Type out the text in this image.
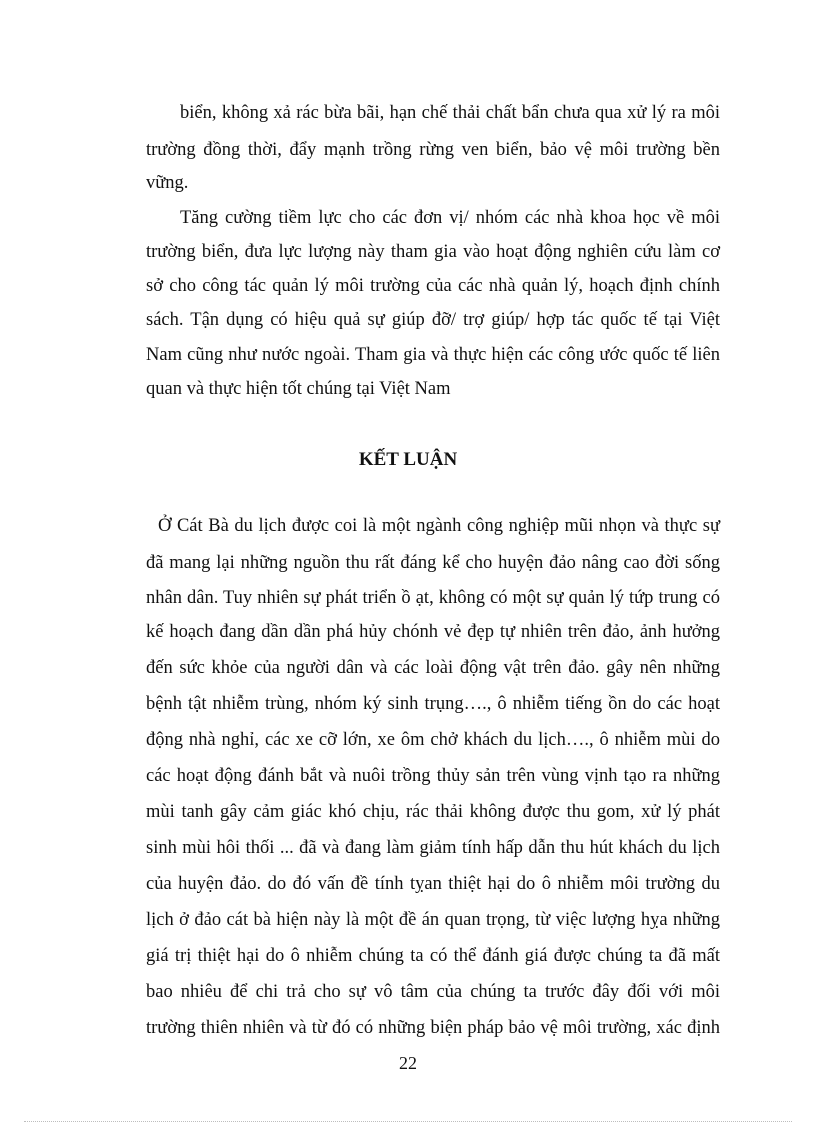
biển, không xả rác bừa bãi, hạn chế thải chất bẩn chưa qua xử lý ra môi
trường đồng thời, đẩy mạnh trồng rừng ven biển, bảo vệ môi trường bền
vững.
Tăng cường tiềm lực cho các đơn vị/ nhóm các nhà khoa học về môi
trường biển, đưa lực lượng này tham gia vào hoạt động nghiên cứu làm cơ
sở cho công tác quản lý môi trường của các nhà quản lý, hoạch định chính
sách. Tận dụng có hiệu quả sự giúp đỡ/ trợ giúp/ hợp tác quốc tế tại Việt
Nam cũng như nước ngoài. Tham gia và thực hiện các công ước quốc tế liên
quan và thực hiện tốt chúng tại Việt Nam
KẾT LUẬN
Ở Cát Bà du lịch được coi là một ngành công nghiệp mũi nhọn và thực sự
đã mang lại những nguồn thu rất đáng kể cho huyện đảo nâng cao đời sống
nhân dân. Tuy nhiên sự phát triển ồ ạt, không có một sự quản lý tứp trung có
kế hoạch đang dần dần phá hủy chónh vẻ đẹp tự nhiên trên đảo, ảnh hưởng
đến sức khỏe của người dân và các loài động vật trên đảo. gây nên những
bệnh tật nhiễm trùng, nhóm ký sinh trụng…., ô nhiễm tiếng ồn do các hoạt
động nhà nghỉ, các xe cỡ lớn, xe ôm chở khách du lịch…., ô nhiễm mùi do
các hoạt động đánh bắt và nuôi trồng thủy sản trên vùng vịnh tạo ra những
mùi tanh gây cảm giác khó chịu, rác thải không được thu gom, xử lý phát
sinh mùi hôi thối ... đã và đang làm giảm tính hấp dẫn thu hút khách du lịch
của huyện đảo. do đó vấn đề tính tỵan thiệt hại do ô nhiễm môi trường du
lịch ở đảo cát bà hiện này là một đề án quan trọng, từ việc lượng hỵa những
giá trị thiệt hại do ô nhiễm chúng ta có thể đánh giá được chúng ta đã mất
bao nhiêu để chi trả cho sự vô tâm của chúng ta trước đây đối với môi
trường thiên nhiên và từ đó có những biện pháp bảo vệ môi trường, xác định
22
